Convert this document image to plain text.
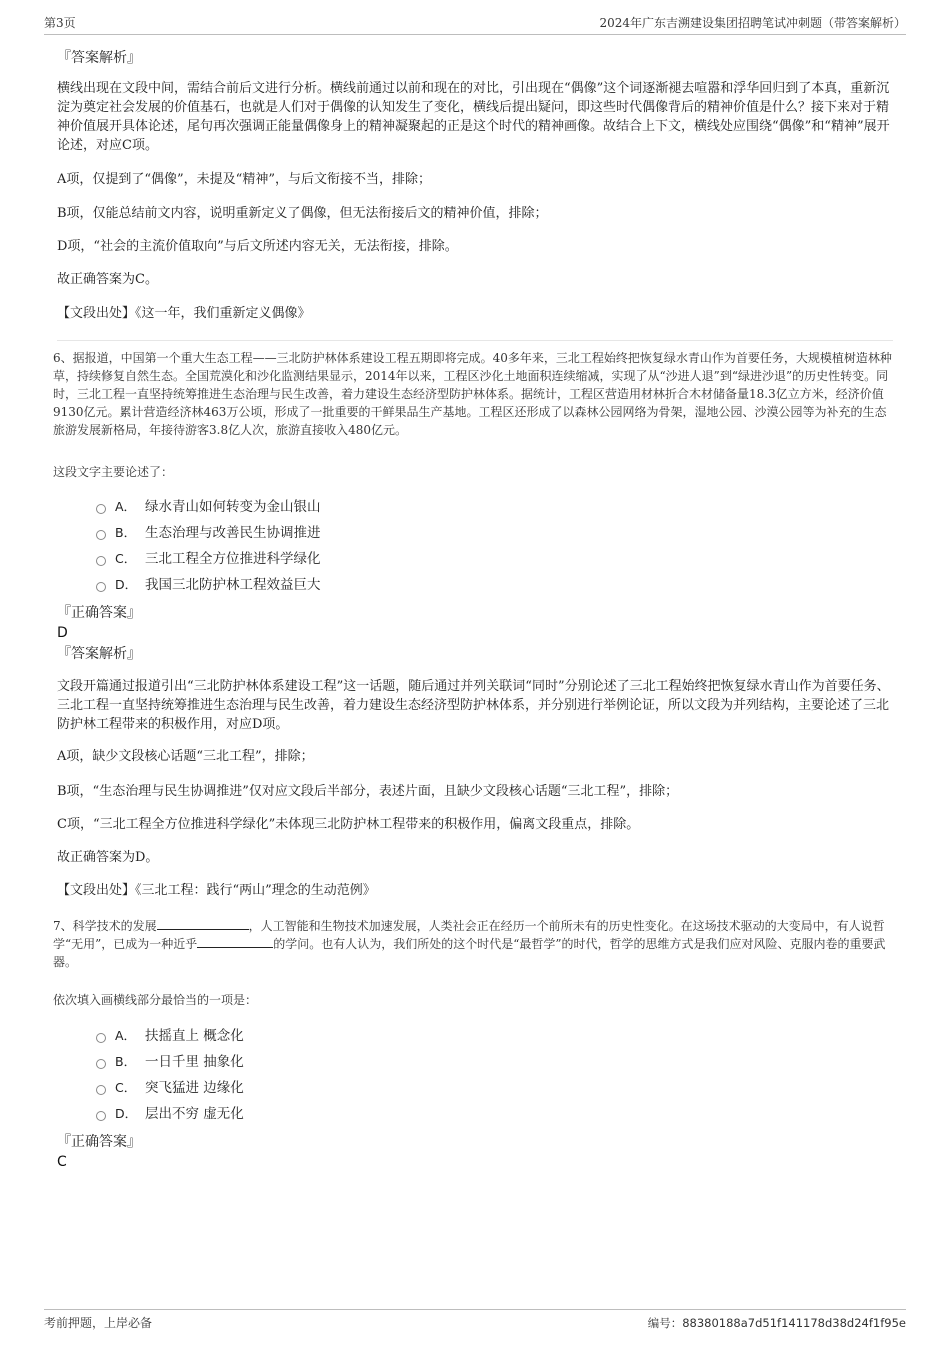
第3页	2024年广东吉溯建设集团招聘笔试冲刺题（带答案解析）
『答案解析』
横线出现在文段中间，需结合前后文进行分析。横线前通过以前和现在的对比，引出现在“偶像”这个词逐渐褪去喧嚣和浮华回归到了本真，重新沉淀为奠定社会发展的价值基石，也就是人们对于偶像的认知发生了变化，横线后提出疑问，即这些时代偶像背后的精神价值是什么？接下来对于精神价值展开具体论述，尾句再次强调正能量偶像身上的精神凝聚起的正是这个时代的精神画像。故结合上下文，横线处应围绕“偶像”和“精神”展开论述，对应C项。
A项，仅提到了“偶像”，未提及“精神”，与后文衔接不当，排除；
B项，仅能总结前文内容，说明重新定义了偶像，但无法衔接后文的精神价值，排除；
D项，“社会的主流价值取向”与后文所述内容无关，无法衔接，排除。
故正确答案为C。
【文段出处】《这一年，我们重新定义偶像》
6、据报道，中国第一个重大生态工程——三北防护林体系建设工程五期即将完成。40多年来，三北工程始终把恢复绿水青山作为首要任务，大规模植树造林种草，持续修复自然生态。全国荒漠化和沙化监测结果显示，2014年以来，工程区沙化土地面积连续缩减，实现了从“沙进人退”到“绿进沙退”的历史性转变。同时，三北工程一直坚持统筹推进生态治理与民生改善，着力建设生态经济型防护林体系。据统计，工程区营造用材林折合木材储备量18.3亿立方米，经济价值9130亿元。累计营造经济林463万公顷，形成了一批重要的干鲜果品生产基地。工程区还形成了以森林公园网络为骨架，湿地公园、沙漠公园等为补充的生态旅游发展新格局，年接待游客3.8亿人次，旅游直接收入480亿元。
这段文字主要论述了：
A． 绿水青山如何转变为金山银山
B． 生态治理与改善民生协调推进
C． 三北工程全方位推进科学绿化
D． 我国三北防护林工程效益巨大
『正确答案』
D
『答案解析』
文段开篇通过报道引出“三北防护林体系建设工程”这一话题，随后通过并列关联词“同时”分别论述了三北工程始终把恢复绿水青山作为首要任务、三北工程一直坚持统筹推进生态治理与民生改善，着力建设生态经济型防护林体系，并分别进行举例论证，所以文段为并列结构，主要论述了三北防护林工程带来的积极作用，对应D项。
A项，缺少文段核心话题“三北工程”，排除；
B项，“生态治理与民生协调推进”仅对应文段后半部分，表述片面，且缺少文段核心话题“三北工程”，排除；
C项，“三北工程全方位推进科学绿化”未体现三北防护林工程带来的积极作用，偏离文段重点，排除。
故正确答案为D。
【文段出处】《三北工程：践行“两山”理念的生动范例》
7、科学技术的发展	，人工智能和生物技术加速发展，人类社会正在经历一个前所未有的历史性变化。在这场技术驱动的大变局中，有人说哲学“无用”，已成为一种近乎	的学问。也有人认为，我们所处的这个时代是“最哲学”的时代，哲学的思维方式是我们应对风险、克服内卷的重要武器。
依次填入画横线部分最恰当的一项是：
A． 扶摇直上 概念化
B． 一日千里 抽象化
C． 突飞猛进 边缘化
D． 层出不穷 虚无化
『正确答案』
C
考前押题，上岸必备	编号：88380188a7d51f141178d38d24f1f95e
